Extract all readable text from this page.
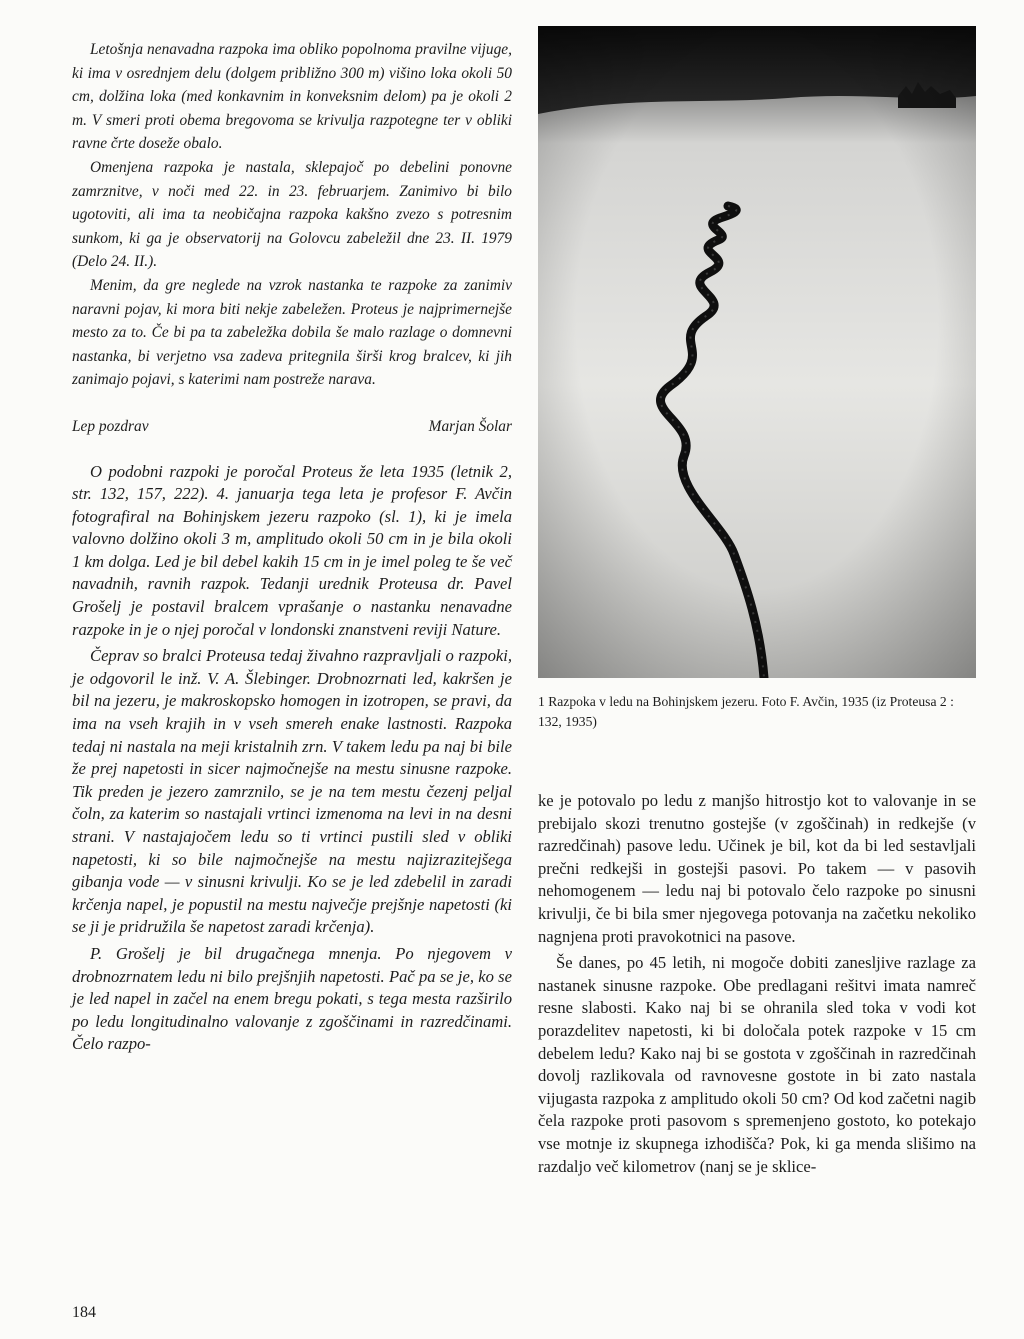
Letošnja nenavadna razpoka ima obliko popolnoma pravilne vijuge, ki ima v osrednjem delu (dolgem približno 300 m) višino loka okoli 50 cm, dolžina loka (med konkavnim in konveksnim delom) pa je okoli 2 m. V smeri proti obema bregovoma se krivulja razpotegne ter v obliki ravne črte doseže obalo.

Omenjena razpoka je nastala, sklepajoč po debelini ponovne zamrznitve, v noči med 22. in 23. februarjem. Zanimivo bi bilo ugotoviti, ali ima ta neobičajna razpoka kakšno zvezo s potresnim sunkom, ki ga je observatorij na Golovcu zabeležil dne 23. II. 1979 (Delo 24. II.).

Menim, da gre neglede na vzrok nastanka te razpoke za zanimiv naravni pojav, ki mora biti nekje zabeležen. Proteus je najprimernejše mesto za to. Če bi pa ta zabeležka dobila še malo razlage o domnevni nastanka, bi verjetno vsa zadeva pritegnila širši krog bralcev, ki jih zanimajo pojavi, s katerimi nam postreže narava.

Lep pozdrav	Marjan Šolar

O podobni razpoki je poročal Proteus že leta 1935 (letnik 2, str. 132, 157, 222). 4. januarja tega leta je profesor F. Avčin fotografiral na Bohinjskem jezeru razpoko (sl. 1), ki je imela valovno dolžino okoli 3 m, amplitudo okoli 50 cm in je bila okoli 1 km dolga. Led je bil debel kakih 15 cm in je imel poleg te še več navadnih, ravnih razpok. Tedanji urednik Proteusa dr. Pavel Grošelj je postavil bralcem vprašanje o nastanku nenavadne razpoke in je o njej poročal v londonski znanstveni reviji Nature.

Čeprav so bralci Proteusa tedaj živahno razpravljali o razpoki, je odgovoril le inž. V. A. Šlebinger. Drobnozrnati led, kakršen je bil na jezeru, je makroskopsko homogen in izotropen, se pravi, da ima na vseh krajih in v vseh smereh enake lastnosti. Razpoka tedaj ni nastala na meji kristalnih zrn. V takem ledu pa naj bi bile že prej napetosti in sicer najmočnejše na mestu sinusne razpoke. Tik preden je jezero zamrznilo, se je na tem mestu čezenj peljal čoln, za katerim so nastajali vrtinci izmenoma na levi in na desni strani. V nastajajočem ledu so ti vrtinci pustili sled v obliki napetosti, ki so bile najmočnejše na mestu najizrazitejšega gibanja vode — v sinusni krivulji. Ko se je led zdebelil in zaradi krčenja napel, je popustil na mestu največje prejšnje napetosti (ki se ji je pridružila še napetost zaradi krčenja).

P. Grošelj je bil drugačnega mnenja. Po njegovem v drobnozrnatem ledu ni bilo prejšnjih napetosti. Pač pa se je, ko se je led napel in začel na enem bregu pokati, s tega mesta razširilo po ledu longitudinalno valovanje z zgoščinami in razredčinami. Čelo razpo-

1 Razpoka v ledu na Bohinjskem jezeru. Foto F. Avčin, 1935 (iz Proteusa 2 : 132, 1935)

ke je potovalo po ledu z manjšo hitrostjo kot to valovanje in se prebijalo skozi trenutno gostejše (v zgoščinah) in redkejše (v razredčinah) pasove ledu. Učinek je bil, kot da bi led sestavljali prečni redkejši in gostejši pasovi. Po takem — v pasovih nehomogenem — ledu naj bi potovalo čelo razpoke po sinusni krivulji, če bi bila smer njegovega potovanja na začetku nekoliko nagnjena proti pravokotnici na pasove.

Še danes, po 45 letih, ni mogoče dobiti zanesljive razlage za nastanek sinusne razpoke. Obe predlagani rešitvi imata namreč resne slabosti. Kako naj bi se ohranila sled toka v vodi kot porazdelitev napetosti, ki bi določala potek razpoke v 15 cm debelem ledu? Kako naj bi se gostota v zgoščinah in razredčinah dovolj razlikovala od ravnovesne gostote in bi zato nastala vijugasta razpoka z amplitudo okoli 50 cm? Od kod začetni nagib čela razpoke proti pasovom s spremenjeno gostoto, ko potekajo vse motnje iz skupnega izhodišča? Pok, ki ga menda slišimo na razdaljo več kilometrov (nanj se je sklice-

184
